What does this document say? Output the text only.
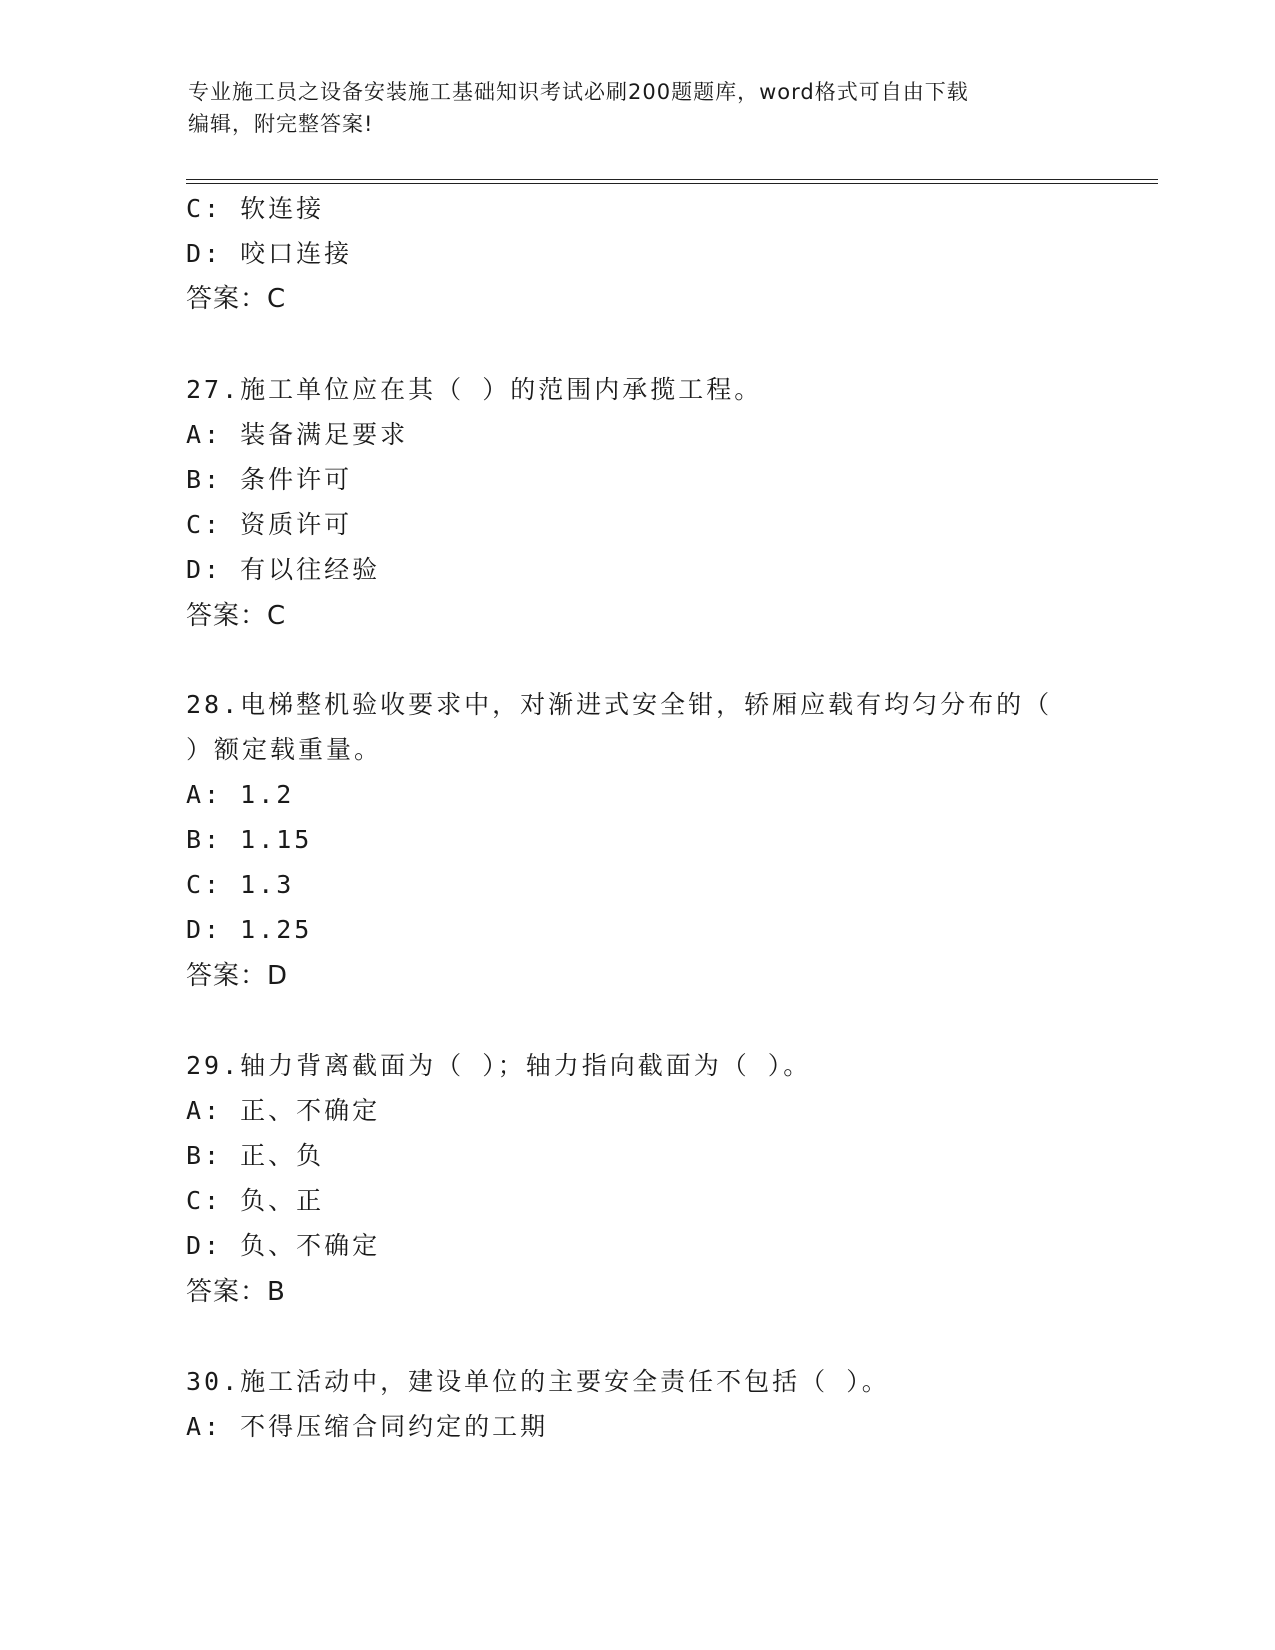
专业施工员之设备安装施工基础知识考试必刷200题题库，word格式可自由下载
编辑，附完整答案!
C: 软连接
D: 咬口连接
答案：C
27.施工单位应在其（ ）的范围内承揽工程。
A: 装备满足要求
B: 条件许可
C: 资质许可
D: 有以往经验
答案：C
28.电梯整机验收要求中，对渐进式安全钳，轿厢应载有均匀分布的（
）额定载重量。
A: 1.2
B: 1.15
C: 1.3
D: 1.25
答案：D
29.轴力背离截面为（ ）；轴力指向截面为（ ）。
A: 正、不确定
B: 正、负
C: 负、正
D: 负、不确定
答案：B
30.施工活动中，建设单位的主要安全责任不包括（ ）。
A: 不得压缩合同约定的工期
